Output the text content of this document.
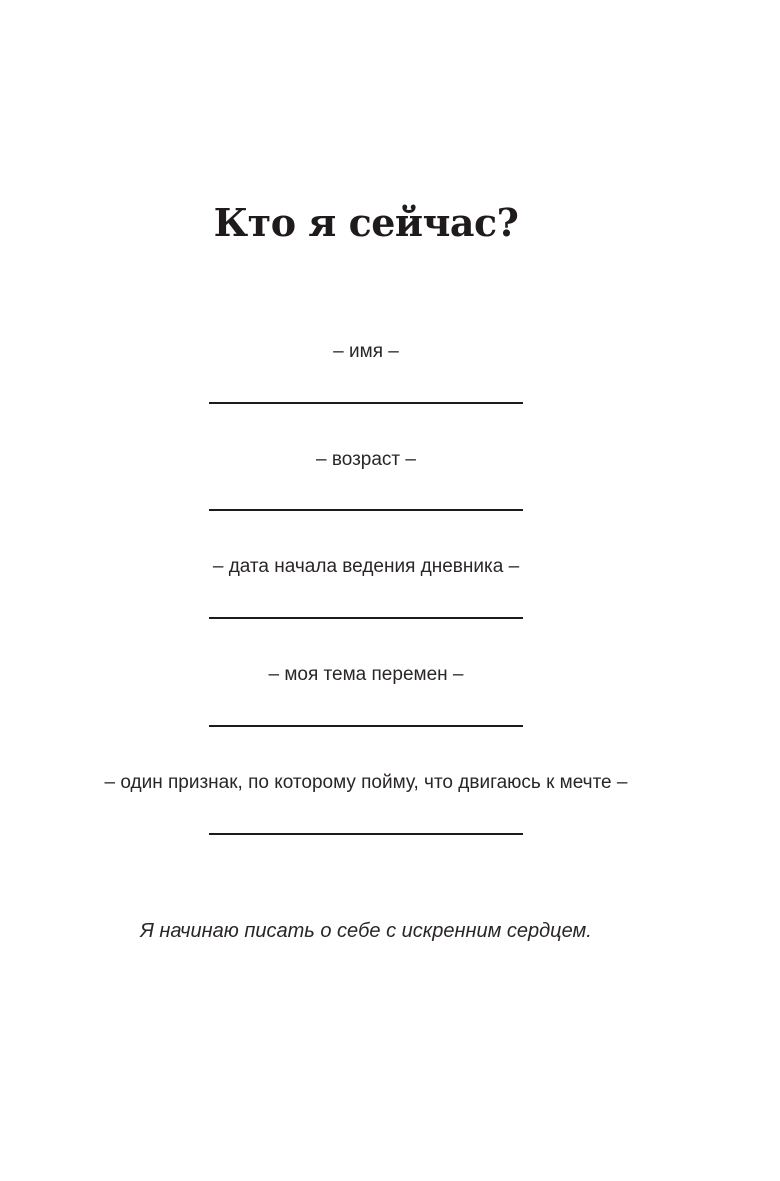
Кто я сейчас?
– имя –
– возраст –
– дата начала ведения дневника –
– моя тема перемен –
– один признак, по которому пойму, что двигаюсь к мечте –

Я начинаю писать о себе с искренним сердцем.
